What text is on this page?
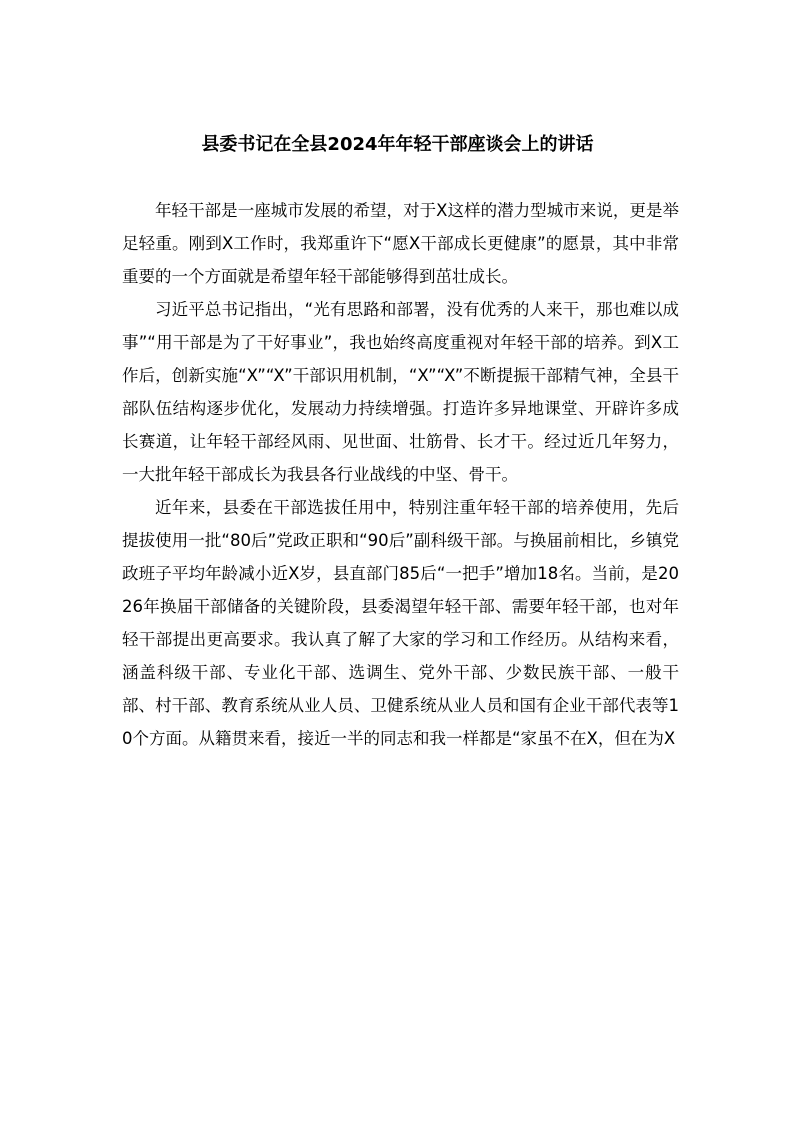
县委书记在全县2024年年轻干部座谈会上的讲话

年轻干部是一座城市发展的希望，对于X这样的潜力型城市来说，更是举足轻重。刚到X工作时，我郑重许下“愿X干部成长更健康”的愿景，其中非常重要的一个方面就是希望年轻干部能够得到茁壮成长。

习近平总书记指出，“光有思路和部署，没有优秀的人来干，那也难以成事”“用干部是为了干好事业”，我也始终高度重视对年轻干部的培养。到X工作后，创新实施“X”“X”干部识用机制，“X”“X”不断提振干部精气神，全县干部队伍结构逐步优化，发展动力持续增强。打造许多异地课堂、开辟许多成长赛道，让年轻干部经风雨、见世面、壮筋骨、长才干。经过近几年努力，一大批年轻干部成长为我县各行业战线的中坚、骨干。

近年来，县委在干部选拔任用中，特别注重年轻干部的培养使用，先后提拔使用一批“80后”党政正职和“90后”副科级干部。与换届前相比，乡镇党政班子平均年龄减小近X岁，县直部门85后“一把手”增加18名。当前，是2026年换届干部储备的关键阶段，县委渴望年轻干部、需要年轻干部，也对年轻干部提出更高要求。我认真了解了大家的学习和工作经历。从结构来看，涵盖科级干部、专业化干部、选调生、党外干部、少数民族干部、一般干部、村干部、教育系统从业人员、卫健系统从业人员和国有企业干部代表等10个方面。从籍贯来看，接近一半的同志和我一样都是“家虽不在X，但在为X
